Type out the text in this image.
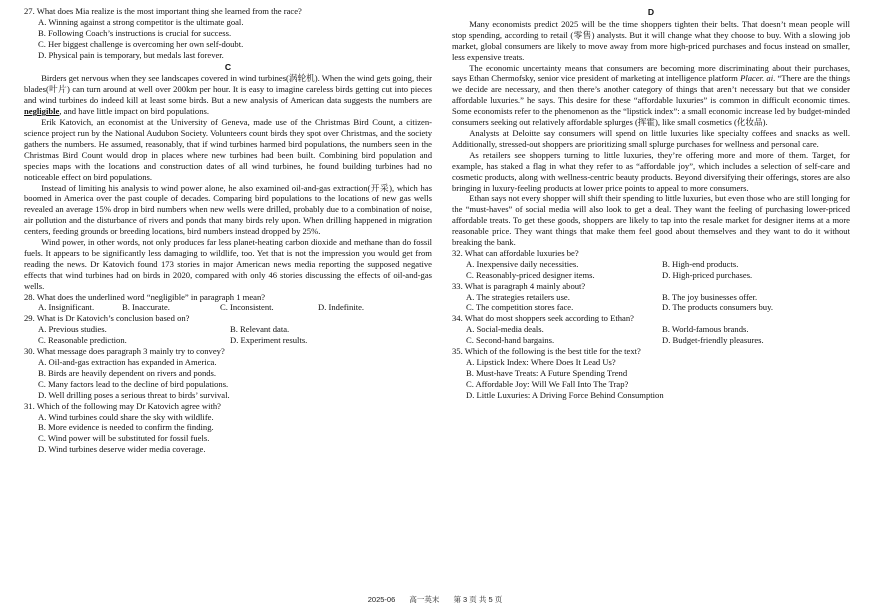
27. What does Mia realize is the most important thing she learned from the race?

A. Winning against a strong competitor is the ultimate goal.

B. Following Coach’s instructions is crucial for success.

C. Her biggest challenge is overcoming her own self-doubt.

D. Physical pain is temporary, but medals last forever.

C

Birders get nervous when they see landscapes covered in wind turbines(涡轮机). When the wind gets going, their blades(叶片) can turn around at well over 200km per hour. It is easy to imagine careless birds getting cut into pieces and wind turbines do indeed kill at least some birds. But a new analysis of American data suggests the numbers are negligible, and have little impact on bird populations.

Erik Katovich, an economist at the University of Geneva, made use of the Christmas Bird Count, a citizen-science project run by the National Audubon Society. Volunteers count birds they spot over Christmas, and the society gathers the numbers. He assumed, reasonably, that if wind turbines harmed bird populations, the numbers seen in the Christmas Bird Count would drop in places where new turbines had been built. Combining bird population and species maps with the locations and construction dates of all wind turbines, he found building turbines had no noticeable effect on bird populations.

Instead of limiting his analysis to wind power alone, he also examined oil-and-gas extraction(开采), which has boomed in America over the past couple of decades. Comparing bird populations to the locations of new gas wells revealed an average 15% drop in bird numbers when new wells were drilled, probably due to a combination of noise, air pollution and the disturbance of rivers and ponds that many birds rely upon. When drilling happened in migration centers, feeding grounds or breeding locations, bird numbers instead dropped by 25%.

Wind power, in other words, not only produces far less planet-heating carbon dioxide and methane than do fossil fuels. It appears to be significantly less damaging to wildlife, too. Yet that is not the impression you would get from reading the news. Dr Katovich found 173 stories in major American news media reporting the supposed negative effects that wind turbines had on birds in 2020, compared with only 46 stories discussing the effects of oil-and-gas wells.

28. What does the underlined word “negligible” in paragraph 1 mean?

A. Insignificant.	B. Inaccurate.	C. Inconsistent.	D. Indefinite.

29. What is Dr Katovich’s conclusion based on?

A. Previous studies.	B. Relevant data.
C. Reasonable prediction.	D. Experiment results.

30. What message does paragraph 3 mainly try to convey?

A. Oil-and-gas extraction has expanded in America.

B. Birds are heavily dependent on rivers and ponds.

C. Many factors lead to the decline of bird populations.

D. Well drilling poses a serious threat to birds’ survival.

31. Which of the following may Dr Katovich agree with?

A. Wind turbines could share the sky with wildlife.

B. More evidence is needed to confirm the finding.

C. Wind power will be substituted for fossil fuels.

D. Wind turbines deserve wider media coverage.

D

Many economists predict 2025 will be the time shoppers tighten their belts. That doesn’t mean people will stop spending, according to retail (零售) analysts. But it will change what they choose to buy. With a slowing job market, global consumers are likely to move away from more high-priced purchases and focus instead on smaller, less expensive treats.

The economic uncertainty means that consumers are becoming more discriminating about their purchases, says Ethan Chermofsky, senior vice president of marketing at intelligence platform Placer. ai. “There are the things we decide are necessary, and then there’s another category of things that aren’t necessary but that we consider affordable luxuries.” he says. This desire for these “affordable luxuries” is common in difficult economic times. Some economists refer to the phenomenon as the “lipstick index”: a small economic increase led by budget-minded consumers seeking out relatively affordable splurges (挥霍), like small cosmetics (化妆品).

Analysts at Deloitte say consumers will spend on little luxuries like specialty coffees and snacks as well. Additionally, stressed-out shoppers are prioritizing small splurge purchases for wellness and personal care.

As retailers see shoppers turning to little luxuries, they’re offering more and more of them. Target, for example, has staked a flag in what they refer to as “affordable joy”, which includes a selection of self-care and cosmetic products, along with wellness-centric beauty products. Beyond diversifying their offerings, stores are also bringing in luxury-feeling products at lower price points to appeal to more consumers.

Ethan says not every shopper will shift their spending to little luxuries, but even those who are still longing for the “must-haves” of social media will also look to get a deal. They want the feeling of purchasing lower-priced affordable treats. To get these goods, shoppers are likely to tap into the resale market for designer items at a more reasonable price. They want things that make them feel good about themselves and they want to do it without breaking the bank.

32. What can affordable luxuries be?

A. Inexpensive daily necessities.	B. High-end products.
C. Reasonably-priced designer items.	D. High-priced purchases.

33. What is paragraph 4 mainly about?

A. The strategies retailers use.	B. The joy businesses offer.
C. The competition stores face.	D. The products consumers buy.

34. What do most shoppers seek according to Ethan?

A. Social-media deals.	B. World-famous brands.
C. Second-hand bargains.	D. Budget-friendly pleasures.

35. Which of the following is the best title for the text?

A. Lipstick Index: Where Does It Lead Us?

B. Must-have Treats: A Future Spending Trend

C. Affordable Joy: Will We Fall Into The Trap?

D. Little Luxuries: A Driving Force Behind Consumption

2025-06 高一英末 第 3 页 共 5 页
